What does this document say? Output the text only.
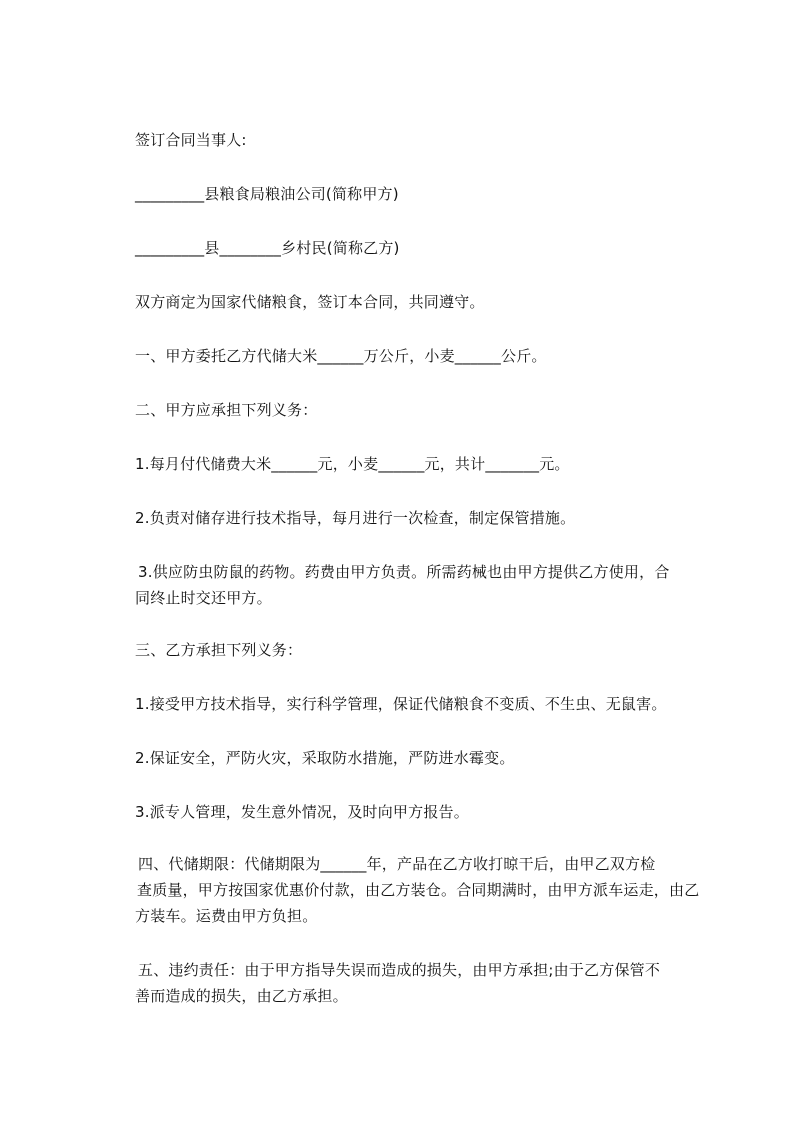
签订合同当事人:

_________县粮食局粮油公司(简称甲方)

_________县________乡村民(简称乙方)

双方商定为国家代储粮食，签订本合同，共同遵守。

一、甲方委托乙方代储大米______万公斤，小麦______公斤。

二、甲方应承担下列义务：

1.每月付代储费大米______元，小麦______元，共计_______元。

2.负责对储存进行技术指导，每月进行一次检查，制定保管措施。

3.供应防虫防鼠的药物。药费由甲方负责。所需药械也由甲方提供乙方使用，合
同终止时交还甲方。

三、乙方承担下列义务：

1.接受甲方技术指导，实行科学管理，保证代储粮食不变质、不生虫、无鼠害。

2.保证安全，严防火灾，采取防水措施，严防进水霉变。

3.派专人管理，发生意外情况，及时向甲方报告。

四、代储期限：代储期限为______年，产品在乙方收打晾干后，由甲乙双方检
查质量，甲方按国家优惠价付款，由乙方装仓。合同期满时，由甲方派车运走，由乙
方装车。运费由甲方负担。
五、违约责任：由于甲方指导失误而造成的损失，由甲方承担;由于乙方保管不
善而造成的损失，由乙方承担。
